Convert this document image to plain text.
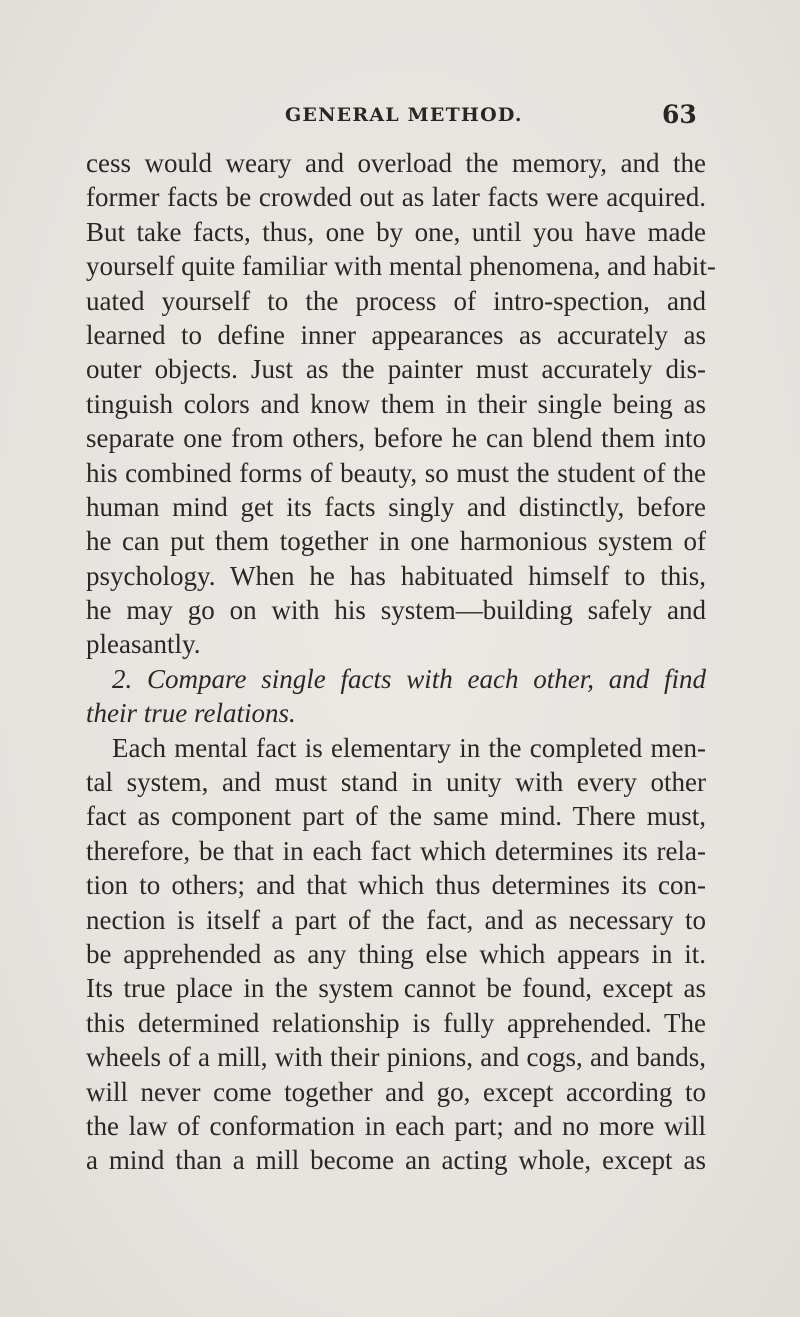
GENERAL METHOD.	63
cess would weary and overload the memory, and the
former facts be crowded out as later facts were acquired.
But take facts, thus, one by one, until you have made
yourself quite familiar with mental phenomena, and habit-
uated yourself to the process of intro-spection, and
learned to define inner appearances as accurately as
outer objects. Just as the painter must accurately dis-
tinguish colors and know them in their single being as
separate one from others, before he can blend them into
his combined forms of beauty, so must the student of the
human mind get its facts singly and distinctly, before
he can put them together in one harmonious system of
psychology. When he has habituated himself to this,
he may go on with his system—building safely and
pleasantly.
2. Compare single facts with each other, and find
their true relations.
Each mental fact is elementary in the completed men-
tal system, and must stand in unity with every other
fact as component part of the same mind. There must,
therefore, be that in each fact which determines its rela-
tion to others; and that which thus determines its con-
nection is itself a part of the fact, and as necessary to
be apprehended as any thing else which appears in it.
Its true place in the system cannot be found, except as
this determined relationship is fully apprehended. The
wheels of a mill, with their pinions, and cogs, and bands,
will never come together and go, except according to
the law of conformation in each part; and no more will
a mind than a mill become an acting whole, except as
